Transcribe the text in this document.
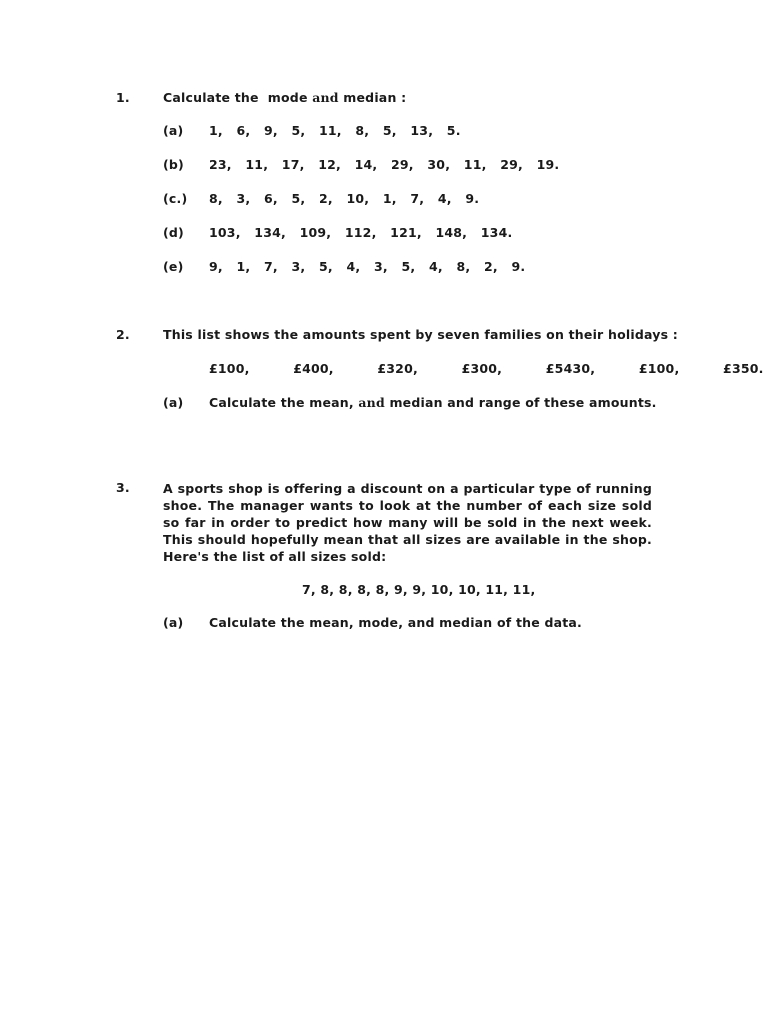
1.	Calculate the  mode and median :
(a) 1,   6,   9,   5,   11,   8,   5,   13,   5.
(b) 23,   11,   17,   12,   14,   29,   30,   11,   29,   19.
(c.) 8,   3,   6,   5,   2,   10,   1,   7,   4,   9.
(d) 103,   134,   109,   112,   121,   148,   134.
(e) 9,   1,   7,   3,   5,   4,   3,   5,   4,   8,   2,   9.
2.	This list shows the amounts spent by seven families on their holidays :
£100,   £400,   £320,   £300,   £5430,   £100,   £350.
(a) Calculate the mean, and median and range of these amounts.
3.	A sports shop is offering a discount on a particular type of running shoe. The manager wants to look at the number of each size sold so far in order to predict how many will be sold in the next week. This should hopefully mean that all sizes are available in the shop. Here's the list of all sizes sold:
7, 8, 8, 8, 8, 9, 9, 10, 10, 11, 11,
(a) Calculate the mean, mode, and median of the data.
